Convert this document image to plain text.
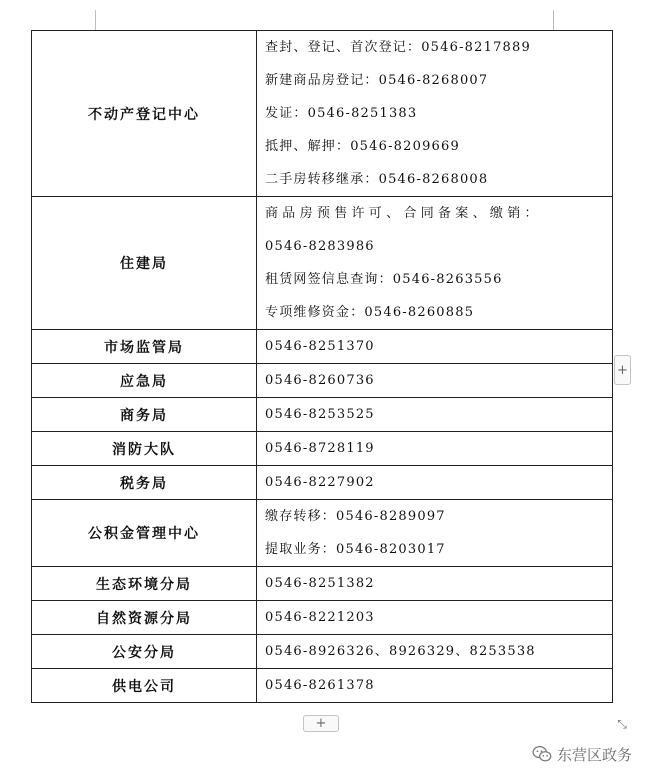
不动产登记中心	查封、登记、首次登记：0546-8217889
新建商品房登记：0546-8268007
发证：0546-8251383
抵押、解押：0546-8209669
二手房转移继承：0546-8268008

住建局	商品房预售许可、合同备案、缴销：
0546-8283986
租赁网签信息查询：0546-8263556
专项维修资金：0546-8260885

市场监管局	0546-8251370

应急局	0546-8260736

商务局	0546-8253525

消防大队	0546-8728119

税务局	0546-8227902

公积金管理中心	缴存转移：0546-8289097
提取业务：0546-8203017

生态环境分局	0546-8251382

自然资源分局	0546-8221203

公安分局	0546-8926326、8926329、8253538

供电公司	0546-8261378
+
+	⤡
东营区政务
